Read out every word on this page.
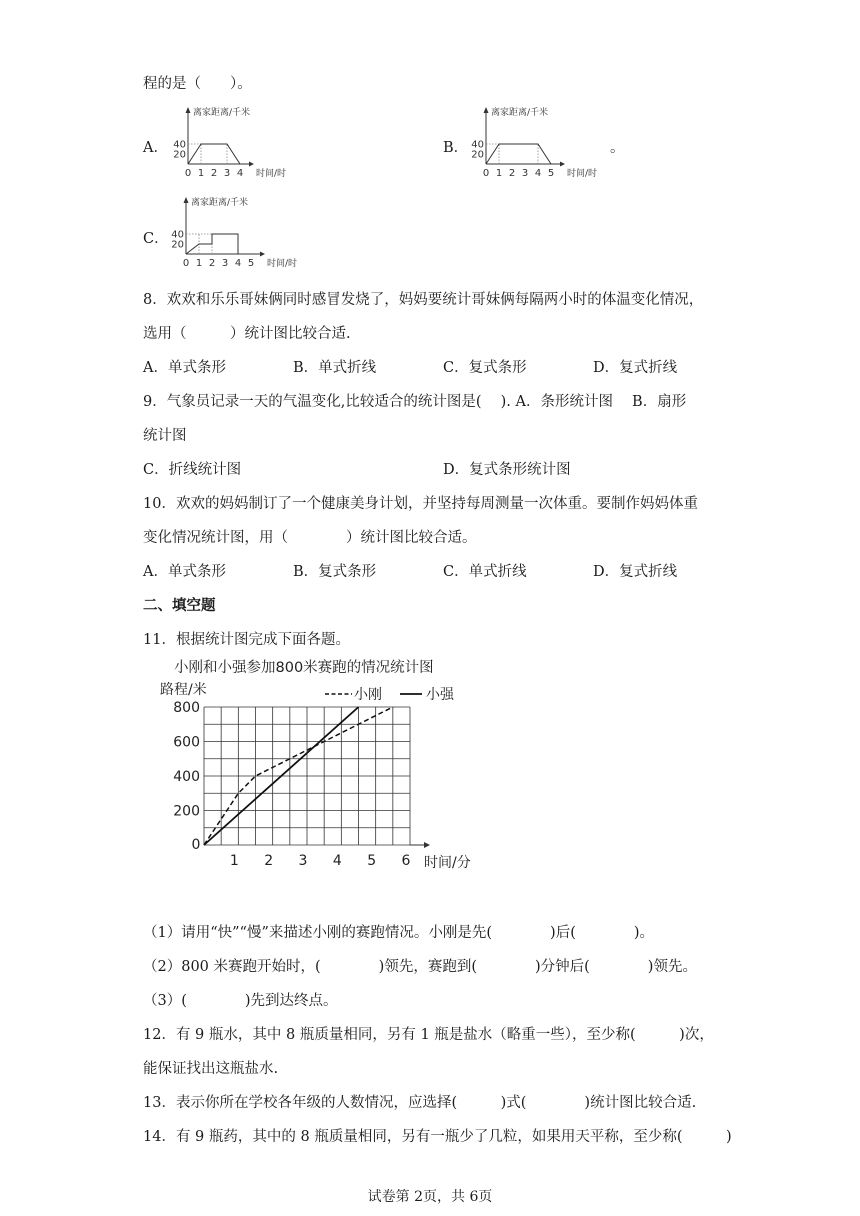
程的是（　　）。
A．
离家距离/千米
40
20
0 1 2 3 4 时间/时
B．
离家距离/千米
40
20
0 1 2 3 4 5 时间/时
。
C．
离家距离/千米
40
20
0 1 2 3 4 5 时间/时
8．欢欢和乐乐哥妹俩同时感冒发烧了，妈妈要统计哥妹俩每隔两小时的体温变化情况，
选用（　　　）统计图比较合适.
A．单式条形	B．单式折线	C．复式条形	D．复式折线
9．气象员记录一天的气温变化,比较适合的统计图是(　 ). A．条形统计图　 B．扇形
统计图
C．折线统计图	D．复式条形统计图
10．欢欢的妈妈制订了一个健康美身计划，并坚持每周测量一次体重。要制作妈妈体重
变化情况统计图，用（　　　　）统计图比较合适。
A．单式条形	B．复式条形	C．单式折线	D．复式折线
二、填空题
11．根据统计图完成下面各题。
小刚和小强参加800米赛跑的情况统计图
路程/米
200
400
600
800
0
1 2 3 4 5 6 时间/分
小刚	小强
（1）请用“快”“慢”来描述小刚的赛跑情况。小刚是先(　　　　)后(　　　　)。
（2）800 米赛跑开始时，(　　　　)领先，赛跑到(　　　　)分钟后(　　　　)领先。
（3）(　　　　)先到达终点。
12．有 9 瓶水，其中 8 瓶质量相同，另有 1 瓶是盐水（略重一些），至少称(　　　)次，
能保证找出这瓶盐水.
13．表示你所在学校各年级的人数情况，应选择(　　　)式(　　　　)统计图比较合适.
14．有 9 瓶药，其中的 8 瓶质量相同，另有一瓶少了几粒，如果用天平称，至少称(　　　)
试卷第 2页，共 6页
